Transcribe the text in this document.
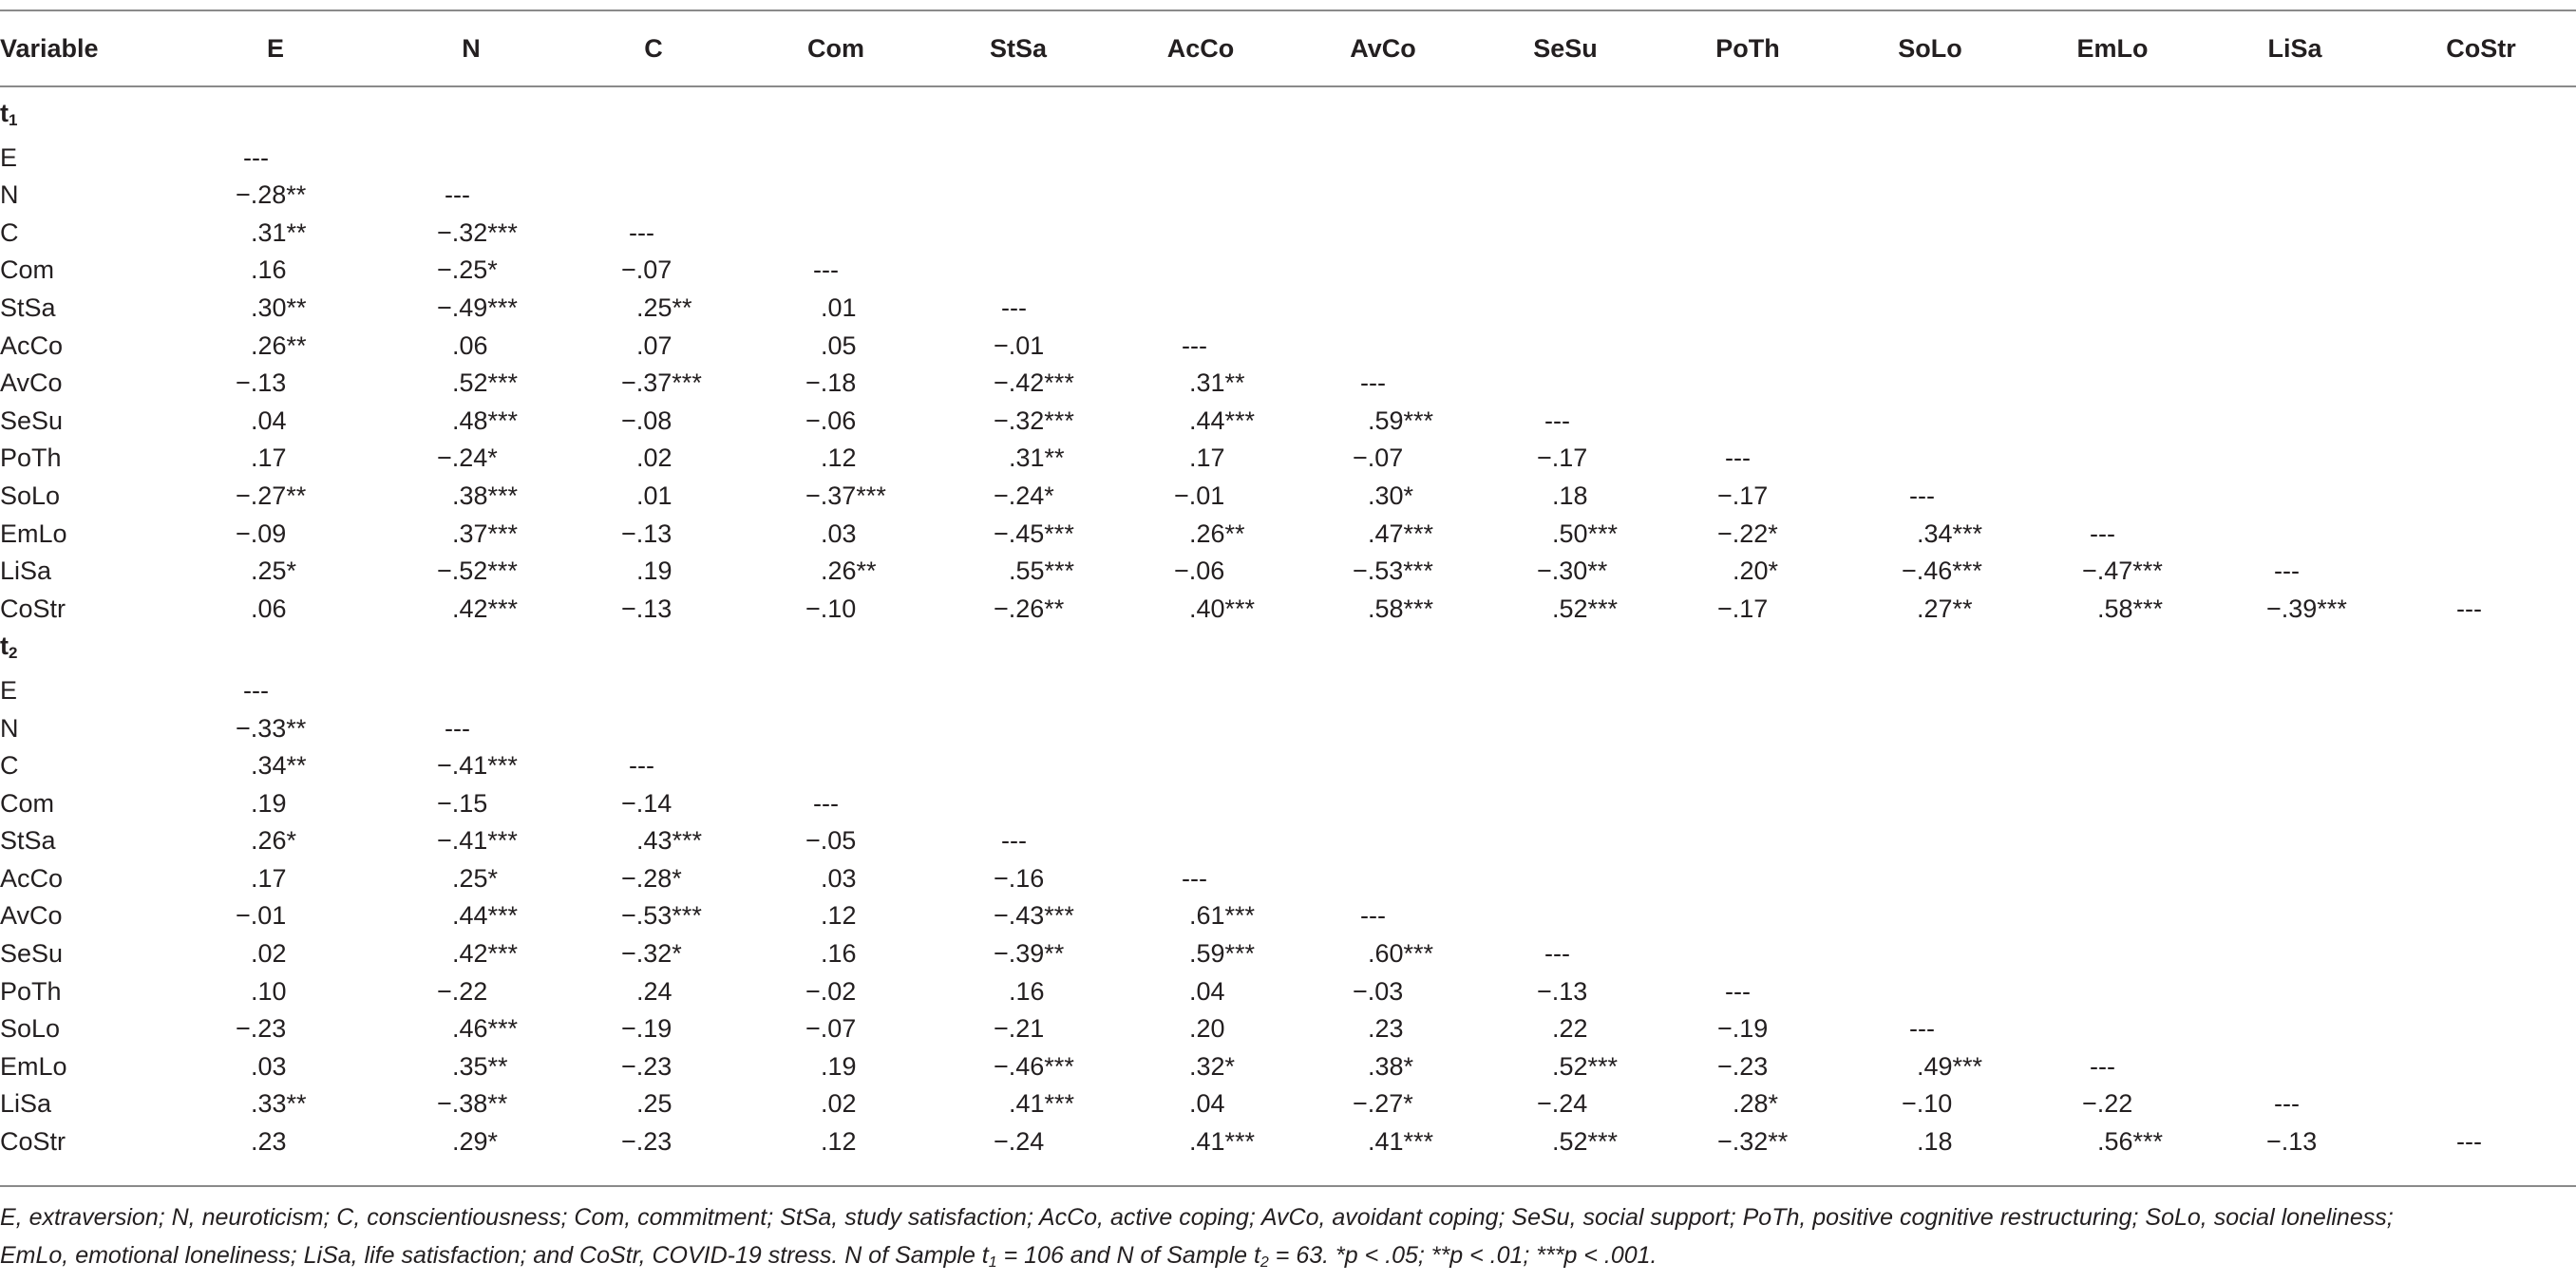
Variable	E	N	C	Com	StSa	AcCo	AvCo	SeSu	PoTh	SoLo	EmLo	LiSa	CoStr

$t_1$
E	---												
N	−.28**	---											
C	.31**	−.32***	---										
Com	.16	−.25*	−.07	---									
StSa	.30**	−.49***	.25**	.01	---								
AcCo	.26**	.06	.07	.05	−.01	---							
AvCo	−.13	.52***	−.37***	−.18	−.42***	.31**	---						
SeSu	.04	.48***	−.08	−.06	−.32***	.44***	.59***	---					
PoTh	.17	−.24*	.02	.12	.31**	.17	−.07	−.17	---				
SoLo	−.27**	.38***	.01	−.37***	−.24*	−.01	.30*	.18	−.17	---			
EmLo	−.09	.37***	−.13	.03	−.45***	.26**	.47***	.50***	−.22*	.34***	---		
LiSa	.25*	−.52***	.19	.26**	.55***	−.06	−.53***	−.30**	.20*	−.46***	−.47***	---	
CoStr	.06	.42***	−.13	−.10	−.26**	.40***	.58***	.52***	−.17	.27**	.58***	−.39***	---
$t_2$
E	---												
N	−.33**	---											
C	.34**	−.41***	---										
Com	.19	−.15	−.14	---									
StSa	.26*	−.41***	.43***	−.05	---								
AcCo	.17	.25*	−.28*	.03	−.16	---							
AvCo	−.01	.44***	−.53***	.12	−.43***	.61***	---						
SeSu	.02	.42***	−.32*	.16	−.39**	.59***	.60***	---					
PoTh	.10	−.22	.24	−.02	.16	.04	−.03	−.13	---				
SoLo	−.23	.46***	−.19	−.07	−.21	.20	.23	.22	−.19	---			
EmLo	.03	.35**	−.23	.19	−.46***	.32*	.38*	.52***	−.23	.49***	---		
LiSa	.33**	−.38**	.25	.02	.41***	.04	−.27*	−.24	.28*	−.10	−.22	---	
CoStr	.23	.29*	−.23	.12	−.24	.41***	.41***	.52***	−.32**	.18	.56***	−.13	---
E, extraversion; N, neuroticism; C, conscientiousness; Com, commitment; StSa, study satisfaction; AcCo, active coping; AvCo, avoidant coping; SeSu, social support; PoTh, positive cognitive restructuring; SoLo, social loneliness;
EmLo, emotional loneliness; LiSa, life satisfaction; and CoStr, COVID-19 stress. N of Sample $t_1 = 106$ and N of Sample $t_2 = 63$. *p < .05; **p < .01; ***p < .001.
